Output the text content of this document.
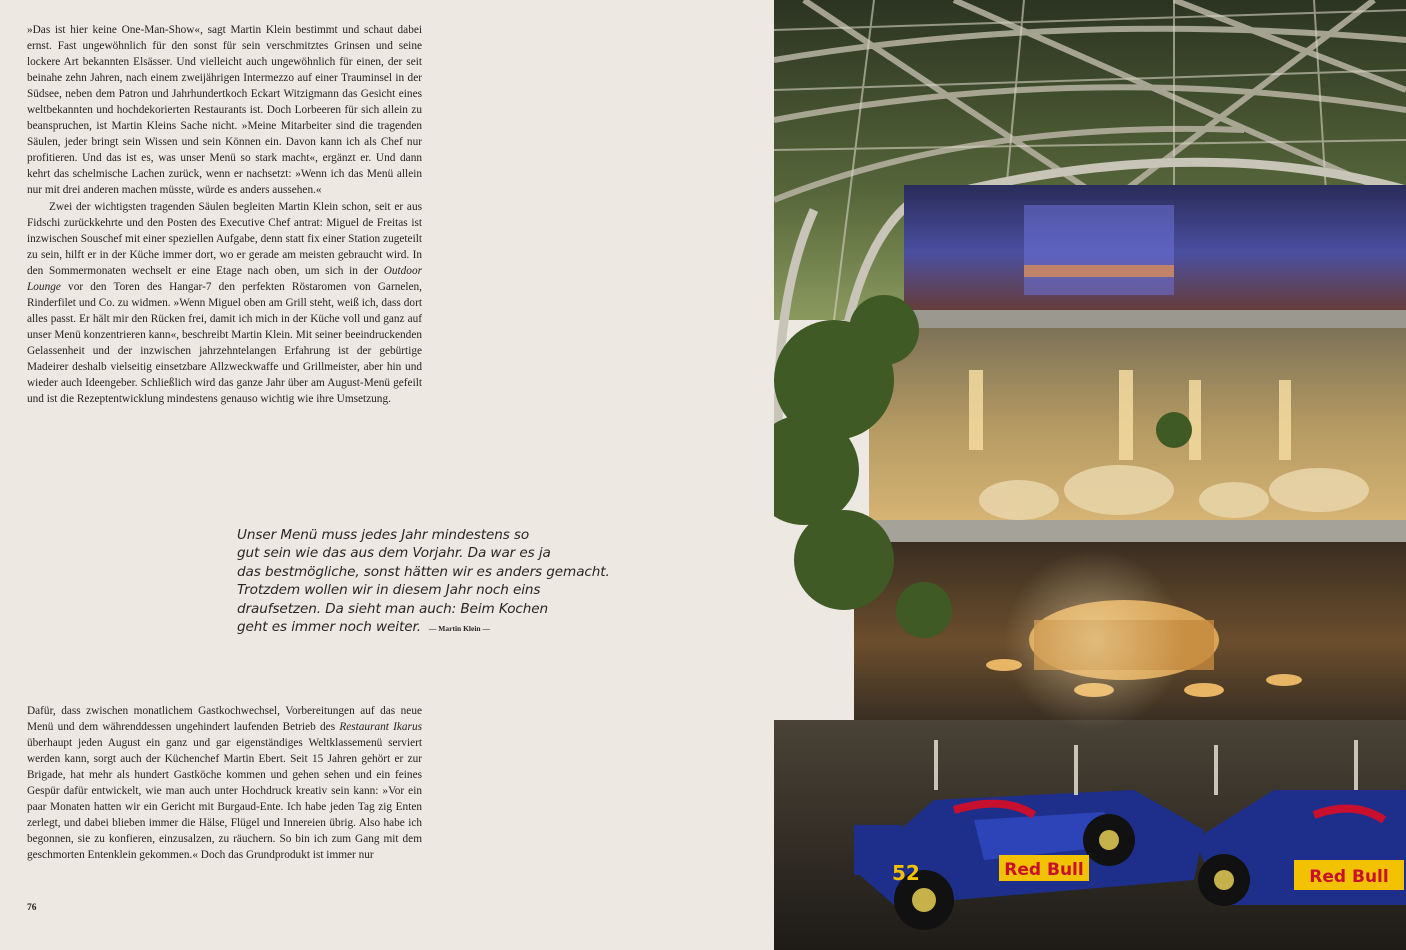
»Das ist hier keine One-Man-Show«, sagt Martin Klein bestimmt und schaut dabei ernst. Fast ungewöhnlich für den sonst für sein verschmitztes Grinsen und seine lockere Art bekannten Elsässer. Und vielleicht auch ungewöhnlich für einen, der seit beinahe zehn Jahren, nach einem zweijährigen Intermezzo auf einer Trauminsel in der Südsee, neben dem Patron und Jahrhundertkoch Eckart Witzigmann das Gesicht eines weltbekannten und hochdekorierten Restaurants ist. Doch Lorbeeren für sich allein zu beanspruchen, ist Martin Kleins Sache nicht. »Meine Mitarbeiter sind die tragenden Säulen, jeder bringt sein Wissen und sein Können ein. Davon kann ich als Chef nur profitieren. Und das ist es, was unser Menü so stark macht«, ergänzt er. Und dann kehrt das schelmische Lachen zurück, wenn er nachsetzt: »Wenn ich das Menü allein nur mit drei anderen machen müsste, würde es anders aussehen.«

Zwei der wichtigsten tragenden Säulen begleiten Martin Klein schon, seit er aus Fidschi zurückkehrte und den Posten des Executive Chef antrat: Miguel de Freitas ist inzwischen Souschef mit einer speziellen Aufgabe, denn statt fix einer Station zugeteilt zu sein, hilft er in der Küche immer dort, wo er gerade am meisten gebraucht wird. In den Sommermonaten wechselt er eine Etage nach oben, um sich in der Outdoor Lounge vor den Toren des Hangar-7 den perfekten Röstaromen von Garnelen, Rinderfilet und Co. zu widmen. »Wenn Miguel oben am Grill steht, weiß ich, dass dort alles passt. Er hält mir den Rücken frei, damit ich mich in der Küche voll und ganz auf unser Menü konzentrieren kann«, beschreibt Martin Klein. Mit seiner beeindruckenden Gelassenheit und der inzwischen jahrzehntelangen Erfahrung ist der gebürtige Madeirer deshalb vielseitig einsetzbare Allzweckwaffe und Grillmeister, aber hin und wieder auch Ideengeber. Schließlich wird das ganze Jahr über am August-Menü gefeilt und ist die Rezeptentwicklung mindestens genauso wichtig wie ihre Umsetzung.

Unser Menü muss jedes Jahr mindestens so
gut sein wie das aus dem Vorjahr. Da war es ja
das bestmögliche, sonst hätten wir es anders gemacht.
Trotzdem wollen wir in diesem Jahr noch eins
draufsetzen. Da sieht man auch: Beim Kochen
geht es immer noch weiter. — Martin Klein —

Dafür, dass zwischen monatlichem Gastkochwechsel, Vorbereitungen auf das neue Menü und dem währenddessen ungehindert laufenden Betrieb des Restaurant Ikarus überhaupt jeden August ein ganz und gar eigenständiges Weltklassemenü serviert werden kann, sorgt auch der Küchenchef Martin Ebert. Seit 15 Jahren gehört er zur Brigade, hat mehr als hundert Gastköche kommen und gehen sehen und ein feines Gespür dafür entwickelt, wie man auch unter Hochdruck kreativ sein kann: »Vor ein paar Monaten hatten wir ein Gericht mit Burgaud-Ente. Ich habe jeden Tag zig Enten zerlegt, und dabei blieben immer die Hälse, Flügel und Innereien übrig. Also habe ich begonnen, sie zu konfieren, einzusalzen, zu räuchern. So bin ich zum Gang mit dem geschmorten Entenklein gekommen.« Doch das Grundprodukt ist immer nur

76
Red Bull
52	Red Bull
